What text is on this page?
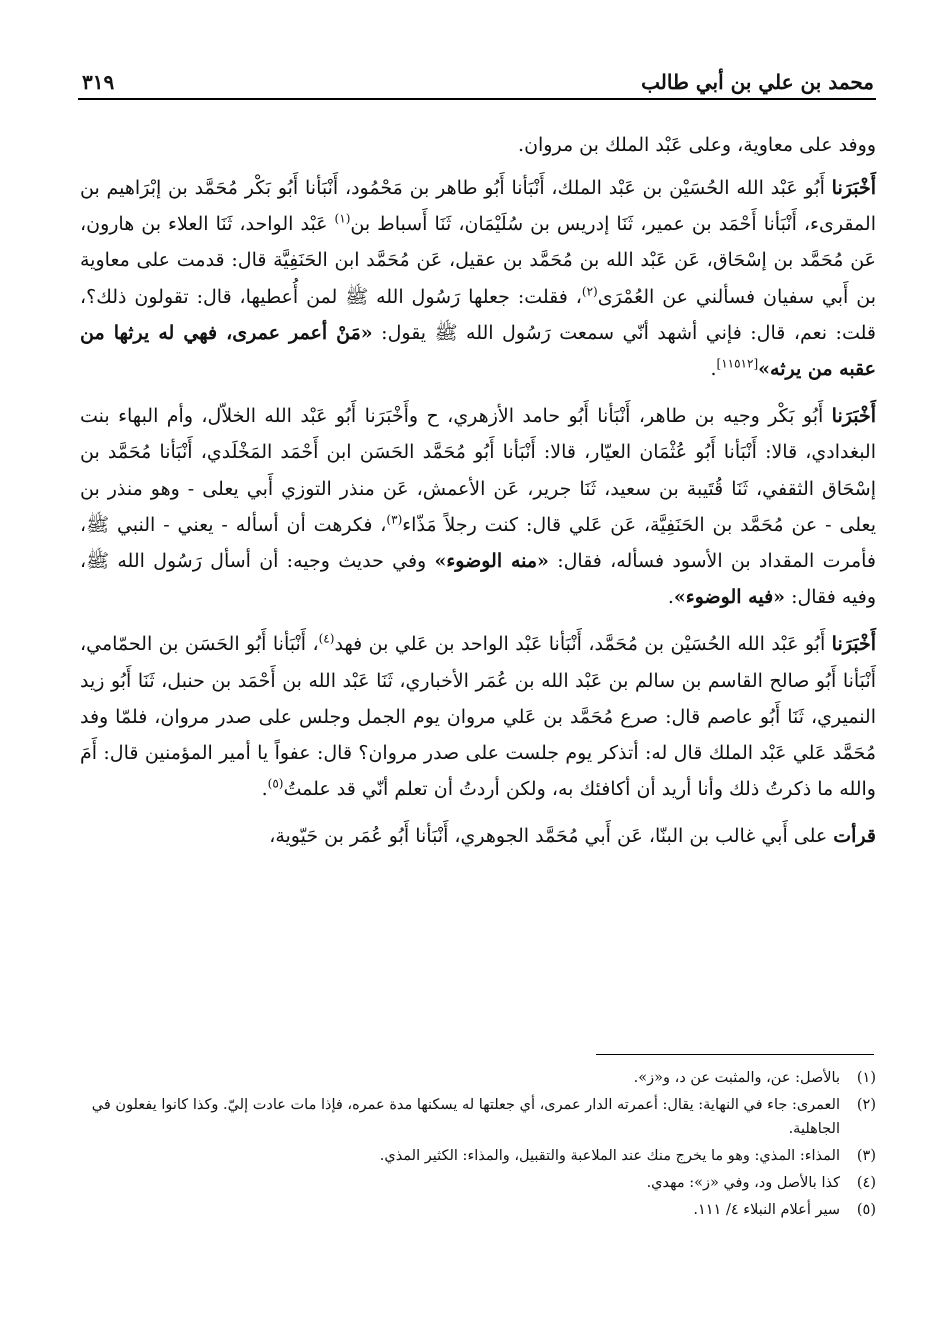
محمد بن علي بن أبي طالب
٣١٩

ووفد على معاوية، وعلى عَبْد الملك بن مروان.

أَخْبَرَنا أَبُو عَبْد الله الحُسَيْن بن عَبْد الملك، أَنْبَأنا أَبُو طاهر بن مَحْمُود، أَنْبَأنا أَبُو بَكْر مُحَمَّد بن إبْرَاهيم بن المقرىء، أَنْبَأنا أَحْمَد بن عمير، ثَنَا إدريس بن سُلَيْمَان، ثَنَا أَسباط بن$^{(١)}$ عَبْد الواحد، ثَنَا العلاء بن هارون، عَن مُحَمَّد بن إسْحَاق، عَن عَبْد الله بن مُحَمَّد بن عقيل، عَن مُحَمَّد ابن الحَنَفِيَّة قال: قدمت على معاوية بن أَبي سفيان فسألني عن العُمْرَى$^{(٢)}$، فقلت: جعلها رَسُول الله ﷺ لمن أُعطيها، قال: تقولون ذلك؟، قلت: نعم، قال: فإني أشهد أنّي سمعت رَسُول الله ﷺ يقول: «مَنْ أعمر عمرى، فهي له يرثها من عقبه من يرثه»[١١٥١٢].

أَخْبَرَنا أَبُو بَكْر وجيه بن طاهر، أَنْبَأنا أَبُو حامد الأزهري، ح وأَخْبَرَنا أَبُو عَبْد الله الخلاّل، وأم البهاء بنت البغدادي، قالا: أَنْبَأنا أَبُو عُثْمَان العيّار، قالا: أَنْبَأنا أَبُو مُحَمَّد الحَسَن ابن أَحْمَد المَخْلَدي، أَنْبَأنا مُحَمَّد بن إسْحَاق الثقفي، ثَنَا قُتَيبة بن سعيد، ثَنَا جرير، عَن الأعمش، عَن منذر التوزي أَبي يعلى - وهو منذر بن يعلى - عن مُحَمَّد بن الحَنَفِيَّة، عَن عَلي قال: كنت رجلاً مَذّاء$^{(٣)}$، فكرهت أن أسأله - يعني - النبي ﷺ، فأمرت المقداد بن الأسود فسأله، فقال: «منه الوضوء» وفي حديث وجيه: أن أسأل رَسُول الله ﷺ، وفيه فقال: «فيه الوضوء».

أَخْبَرَنا أَبُو عَبْد الله الحُسَيْن بن مُحَمَّد، أَنْبَأنا عَبْد الواحد بن عَلي بن فهد$^{(٤)}$، أَنْبَأنا أَبُو الحَسَن بن الحمّامي، أَنْبَأنا أَبُو صالح القاسم بن سالم بن عَبْد الله بن عُمَر الأخباري، ثَنَا عَبْد الله بن أَحْمَد بن حنبل، ثَنَا أَبُو زيد النميري، ثَنَا أَبُو عاصم قال: صرع مُحَمَّد بن عَلي مروان يوم الجمل وجلس على صدر مروان، فلمّا وفد مُحَمَّد عَلي عَبْد الملك قال له: أتذكر يوم جلست على صدر مروان؟ قال: عفواً يا أمير المؤمنين قال: أَمَ والله ما ذكرتُ ذلك وأنا أريد أن أكافئك به، ولكن أردتُ أن تعلم أنّي قد علمتُ$^{(٥)}$.

قرأت على أَبي غالب بن البنّا، عَن أَبي مُحَمَّد الجوهري، أَنْبَأنا أَبُو عُمَر بن حَيّوية،

(١)
بالأصل: عن، والمثبت عن د، و«ز».
(٢)
العمرى: جاء في النهاية: يقال: أعمرته الدار عمرى، أي جعلتها له يسكنها مدة عمره، فإذا مات عادت إليّ. وكذا كانوا يفعلون في الجاهلية.
(٣)
المذاء: المذي: وهو ما يخرج منك عند الملاعبة والتقبيل، والمذاء: الكثير المذي.
(٤)
كذا بالأصل ود، وفي «ز»: مهدي.
(٥)
سير أعلام النبلاء ٤/ ١١١.
